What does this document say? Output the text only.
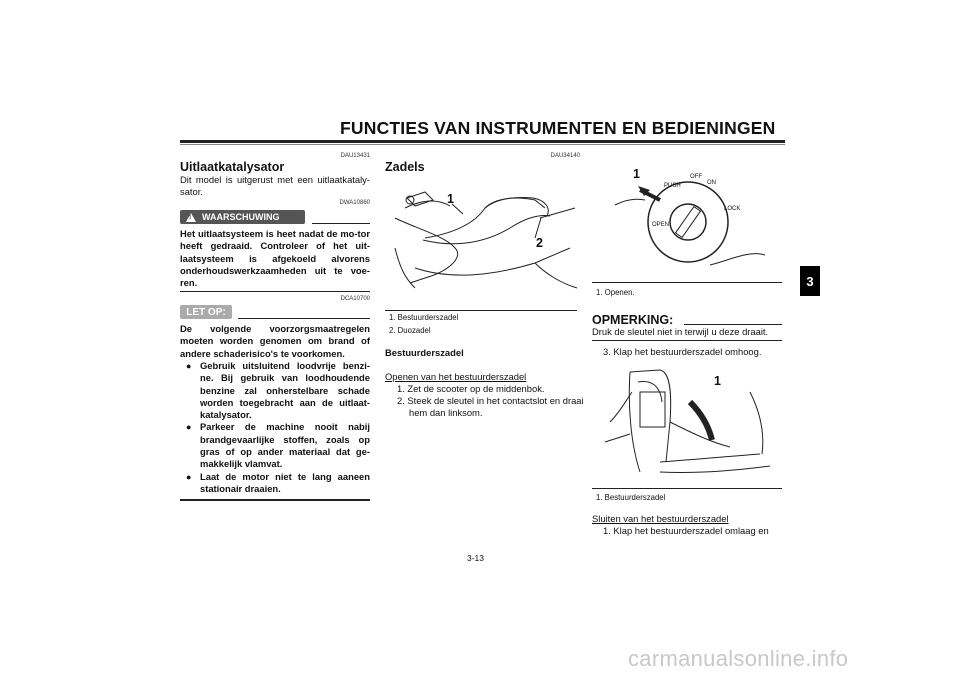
FUNCTIES VAN INSTRUMENTEN EN BEDIENINGEN
3
DAU13431
Uitlaatkatalysator
Dit model is uitgerust met een uitlaatkataly-sator.
! WAARSCHUWING
DWA10860
Het uitlaatsysteem is heet nadat de mo-tor heeft gedraaid. Controleer of het uit-laatsysteem is afgekoeld alvorens onderhoudswerkzaamheden uit te voe-ren.
LET OP:
DCA10700
De volgende voorzorgsmaatregelen moeten worden genomen om brand of andere schaderisico's te voorkomen.
● Gebruik uitsluitend loodvrije benzi-ne. Bij gebruik van loodhoudende benzine zal onherstelbare schade worden toegebracht aan de uitlaat-katalysator.
● Parkeer de machine nooit nabij brandgevaarlijke stoffen, zoals op gras of op ander materiaal dat ge-makkelijk vlamvat.
● Laat de motor niet te lang aaneen stationair draaien.
DAU34140
Zadels
1
2
1. Bestuurderszadel
2. Duozadel
Bestuurderszadel
Openen van het bestuurderszadel
1. Zet de scooter op de middenbok.
2. Steek de sleutel in het contactslot en draai hem dan linksom.
OFF
ON
PUSH
LOCK
OPEN
1
1. Openen.
OPMERKING:
Druk de sleutel niet in terwijl u deze draait.
3. Klap het bestuurderszadel omhoog.
1
1. Bestuurderszadel
Sluiten van het bestuurderszadel
1. Klap het bestuurderszadel omlaag en
3-13
carmanualsonline.info
